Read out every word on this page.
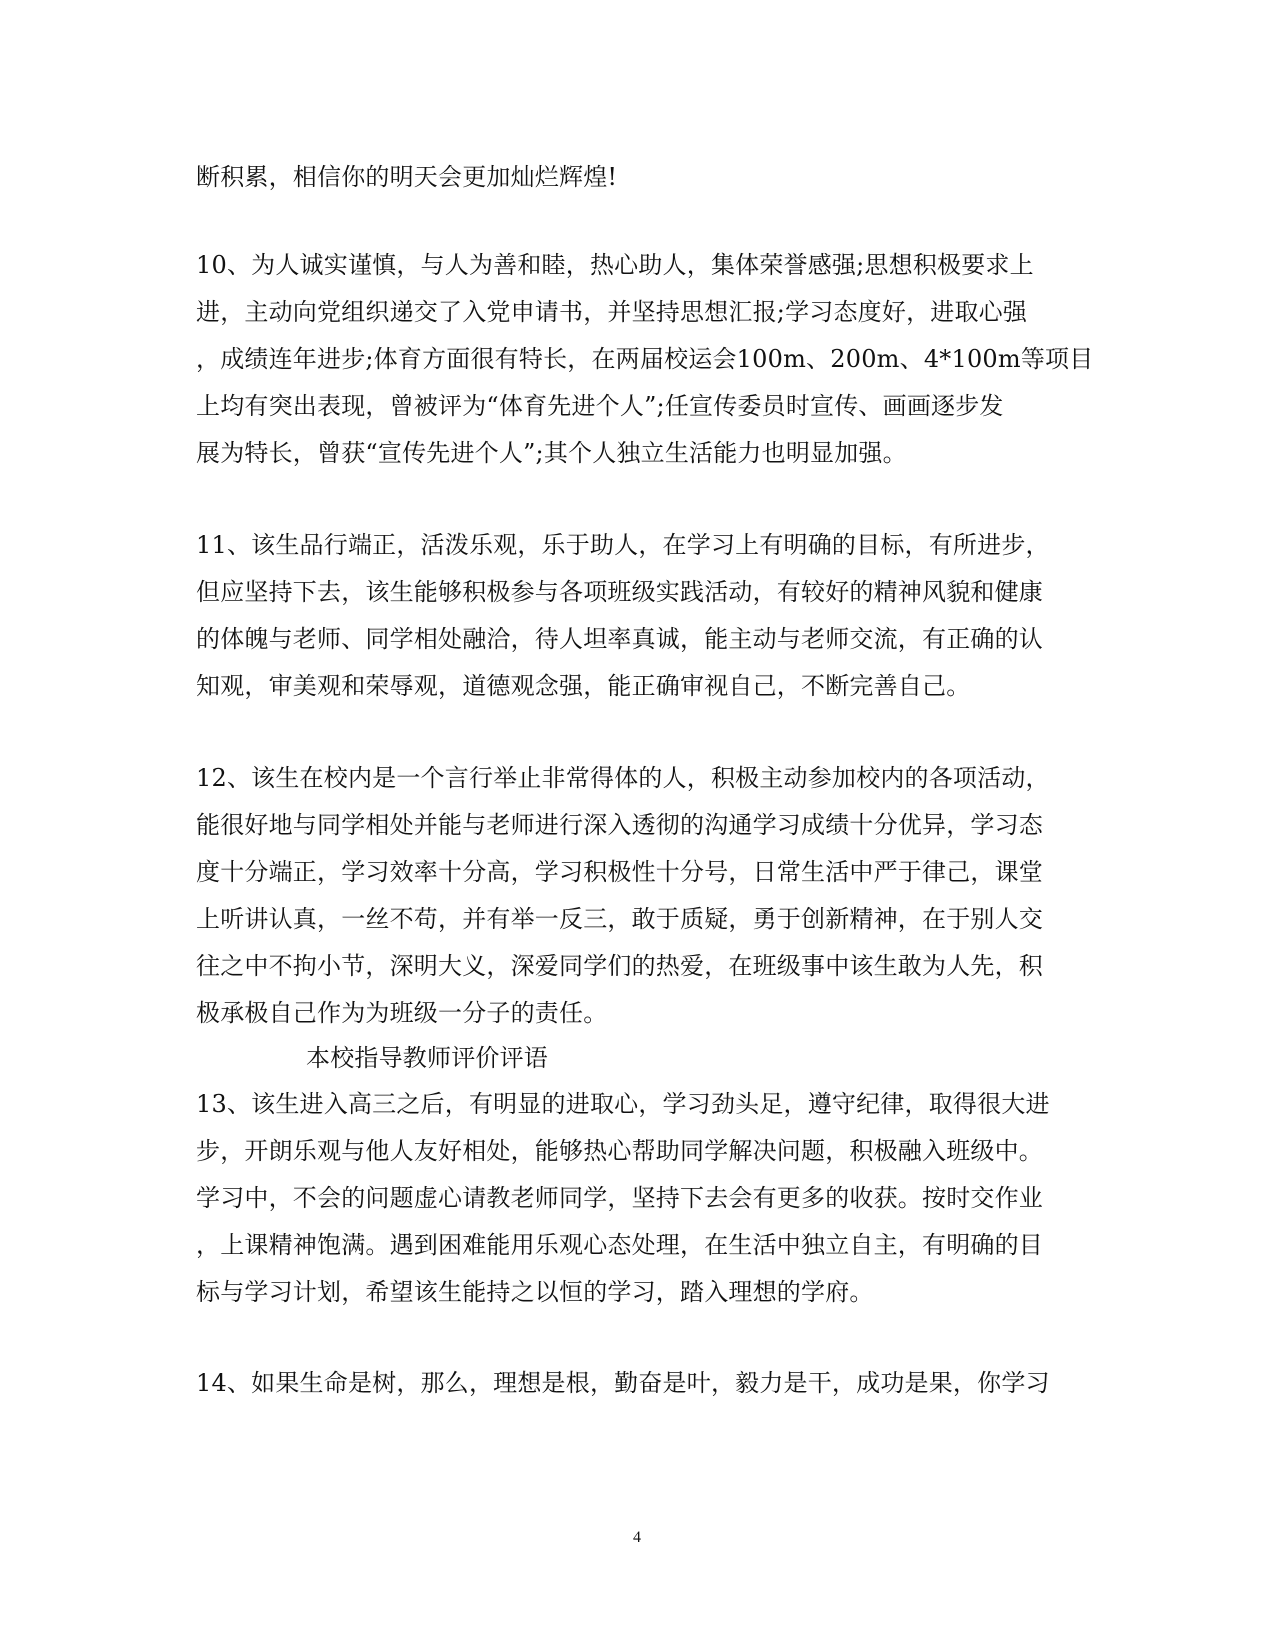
断积累，相信你的明天会更加灿烂辉煌!
10、为人诚实谨慎，与人为善和睦，热心助人，集体荣誉感强;思想积极要求上
进，主动向党组织递交了入党申请书，并坚持思想汇报;学习态度好，进取心强
，成绩连年进步;体育方面很有特长，在两届校运会100m、200m、4*100m等项目
上均有突出表现，曾被评为“体育先进个人”;任宣传委员时宣传、画画逐步发
展为特长，曾获“宣传先进个人”;其个人独立生活能力也明显加强。
11、该生品行端正，活泼乐观，乐于助人，在学习上有明确的目标，有所进步，
但应坚持下去，该生能够积极参与各项班级实践活动，有较好的精神风貌和健康
的体魄与老师、同学相处融洽，待人坦率真诚，能主动与老师交流，有正确的认
知观，审美观和荣辱观，道德观念强，能正确审视自己，不断完善自己。
12、该生在校内是一个言行举止非常得体的人，积极主动参加校内的各项活动，
能很好地与同学相处并能与老师进行深入透彻的沟通学习成绩十分优异，学习态
度十分端正，学习效率十分高，学习积极性十分号，日常生活中严于律己，课堂
上听讲认真，一丝不苟，并有举一反三，敢于质疑，勇于创新精神，在于别人交
往之中不拘小节，深明大义，深爱同学们的热爱，在班级事中该生敢为人先，积
极承极自己作为为班级一分子的责任。
本校指导教师评价评语
13、该生进入高三之后，有明显的进取心，学习劲头足，遵守纪律，取得很大进
步，开朗乐观与他人友好相处，能够热心帮助同学解决问题，积极融入班级中。
学习中，不会的问题虚心请教老师同学，坚持下去会有更多的收获。按时交作业
，上课精神饱满。遇到困难能用乐观心态处理，在生活中独立自主，有明确的目
标与学习计划，希望该生能持之以恒的学习，踏入理想的学府。
14、如果生命是树，那么，理想是根，勤奋是叶，毅力是干，成功是果，你学习
4
